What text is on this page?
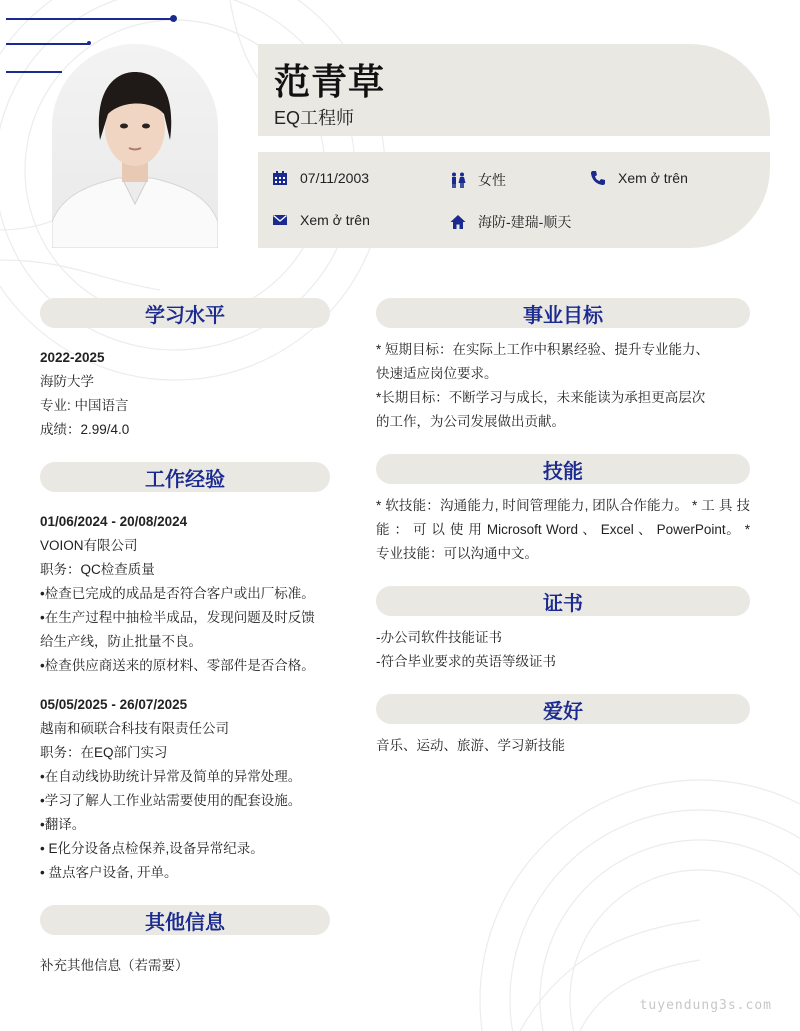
范青草
EQ工程师
07/11/2003	女性	Xem ở trên
Xem ở trên	海防-建瑞-顺天
学习水平
2022-2025
海防大学
专业: 中国语言
成绩：2.99/4.0
工作经验
01/06/2024 - 20/08/2024
VOION有限公司
职务：QC检查质量
•检查已完成的成品是否符合客户或出厂标准。
•在生产过程中抽检半成品，发现问题及时反馈
给生产线，防止批量不良。
•检查供应商送来的原材料、零部件是否合格。
05/05/2025 - 26/07/2025
越南和硕联合科技有限责任公司
职务：在EQ部门实习
•在自动线协助统计异常及简单的异常处理。
•学习了解人工作业站需要使用的配套设施。
•翻译。
• E化分设备点检保养,设备异常纪录。
• 盘点客户设备, 开单。
其他信息
补充其他信息（若需要）
事业目标
* 短期目标：在实际上工作中积累经验、提升专业能力、
快速适应岗位要求。
*长期目标：不断学习与成长，未来能读为承担更高层次
的工作，为公司发展做出贡献。
技能
* 软技能：沟通能力, 时间管理能力, 团队合作能力。 * 工 具 技 能 ： 可 以 使 用 Microsoft Word 、 Excel 、 PowerPoint。 * 专业技能：可以沟通中文。
证书
-办公司软件技能证书
-符合毕业要求的英语等级证书
爱好
音乐、运动、旅游、学习新技能
tuyendung3s.com
